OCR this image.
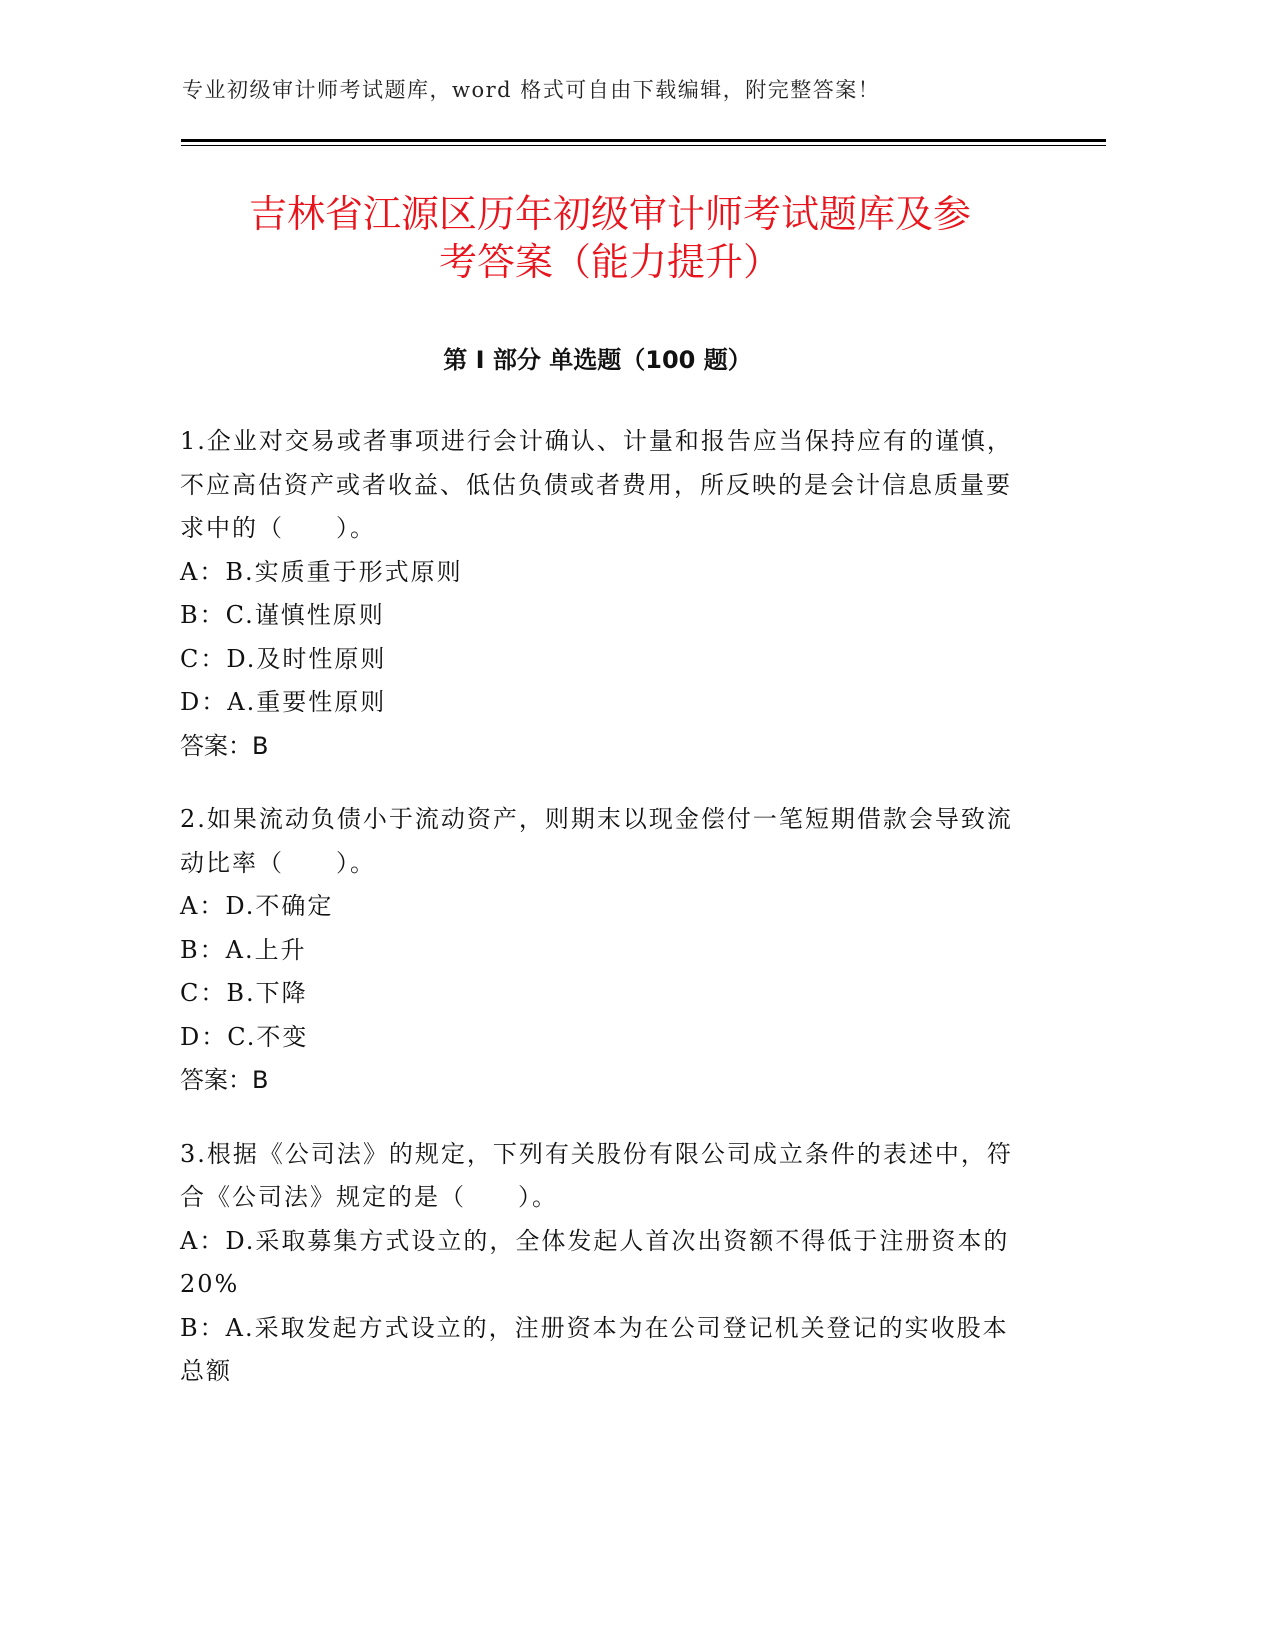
专业初级审计师考试题库，word 格式可自由下载编辑，附完整答案！
吉林省江源区历年初级审计师考试题库及参
考答案（能力提升）
第 I 部分 单选题（100 题）
1.企业对交易或者事项进行会计确认、计量和报告应当保持应有的谨慎，不应高估资产或者收益、低估负债或者费用，所反映的是会计信息质量要求中的（　　）。
A：B.实质重于形式原则
B：C.谨慎性原则
C：D.及时性原则
D：A.重要性原则
答案：B
2.如果流动负债小于流动资产，则期末以现金偿付一笔短期借款会导致流动比率（　　）。
A：D.不确定
B：A.上升
C：B.下降
D：C.不变
答案：B
3.根据《公司法》的规定，下列有关股份有限公司成立条件的表述中，符合《公司法》规定的是（　　）。
A：D.采取募集方式设立的，全体发起人首次出资额不得低于注册资本的 20%
B：A.采取发起方式设立的，注册资本为在公司登记机关登记的实收股本总额
